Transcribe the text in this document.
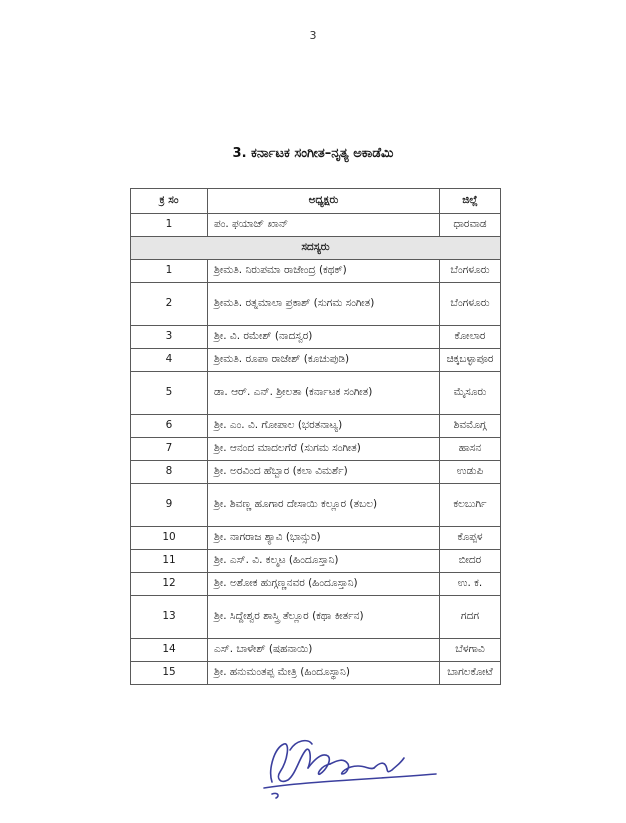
3
3. ಕರ್ನಾಟಕ ಸಂಗೀತ–ನೃತ್ಯ ಅಕಾಡೆಮಿ
ಕ್ರ ಸಂ	ಅಧ್ಯಕ್ಷರು	ಜಿಲ್ಲೆ
1	ಪಂ. ಫಯಾಜ್ ಖಾನ್	ಧಾರವಾಡ
ಸದಸ್ಯರು		
1	ಶ್ರೀಮತಿ. ನಿರುಪಮಾ ರಾಜೇಂದ್ರ (ಕಥಕ್)	ಬೆಂಗಳೂರು
2	ಶ್ರೀಮತಿ. ರತ್ನಮಾಲಾ ಪ್ರಕಾಶ್ (ಸುಗಮ ಸಂಗೀತ)	ಬೆಂಗಳೂರು
3	ಶ್ರೀ. ವಿ. ರಮೇಶ್ (ನಾದಸ್ವರ)	ಕೋಲಾರ
4	ಶ್ರೀಮತಿ. ರೂಪಾ ರಾಜೇಶ್ (ಕೂಚುಪುಡಿ)	ಚಿಕ್ಕಬಳ್ಳಾಪೂರ
5	ಡಾ. ಆರ್. ಎನ್. ಶ್ರೀಲತಾ (ಕರ್ನಾಟಕ ಸಂಗೀತ)	ಮೈಸೂರು
6	ಶ್ರೀ. ಎಂ. ವಿ. ಗೋಪಾಲ (ಭರತನಾಟ್ಯ)	ಶಿವಮೊಗ್ಗ
7	ಶ್ರೀ. ಆನಂದ ಮಾದಲಗೆರೆ (ಸುಗಮ ಸಂಗೀತ)	ಹಾಸನ
8	ಶ್ರೀ. ಅರವಿಂದ ಹೆಬ್ಬಾರ (ಕಲಾ ವಿಮರ್ಶೆ)	ಉಡುಪಿ
9	ಶ್ರೀ. ಶಿವಣ್ಣ ಹೂಗಾರ ದೇಸಾಯಿ ಕಲ್ಲೂರ (ತಬಲ)	ಕಲಬುರ್ಗಿ
10	ಶ್ರೀ. ನಾಗರಾಜ ಶ್ಯಾವಿ (ಭಾನ್ಸುರಿ)	ಕೊಪ್ಪಳ
11	ಶ್ರೀ. ಎಸ್. ವಿ. ಕಲ್ಮಟ (ಹಿಂದೂಸ್ತಾನಿ)	ಬೀದರ
12	ಶ್ರೀ. ಅಶೋಕ ಹುಗ್ಗಣ್ಣನವರ (ಹಿಂದೂಸ್ತಾನಿ)	ಉ. ಕ.
13	ಶ್ರೀ. ಸಿದ್ದೇಶ್ವರ ಶಾಸ್ತ್ರಿ ತೆಲ್ಲೂರ (ಕಥಾ ಕೀರ್ತನ)	ಗದಗ
14	ಎಸ್. ಬಾಳೇಶ್ (ಷಹನಾಯಿ)	ಬೆಳಗಾವಿ
15	ಶ್ರೀ. ಹನುಮಂತಪ್ಪ ಮೇತ್ರಿ (ಹಿಂದೂಸ್ಥಾನಿ)	ಬಾಗಲಕೋಟೆ
